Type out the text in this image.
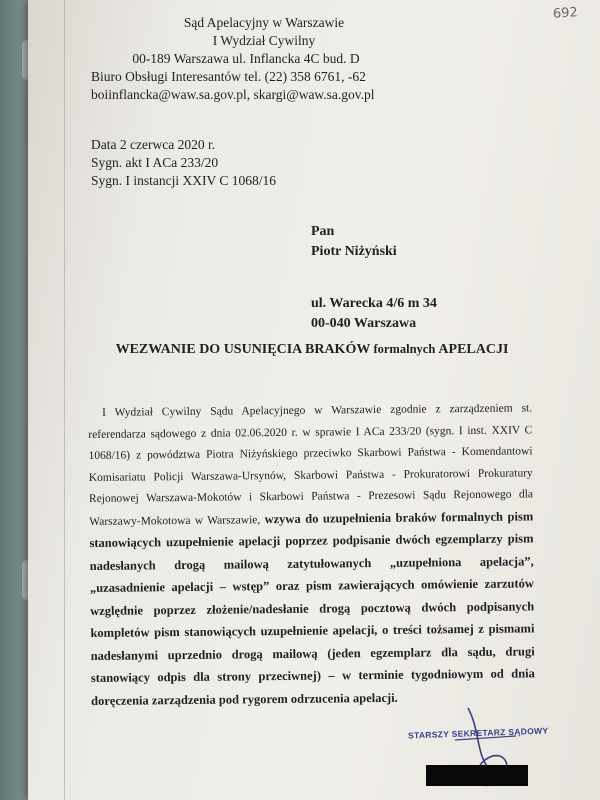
692
Sąd Apelacyjny w Warszawie
I Wydział Cywilny
00-189 Warszawa ul. Inflancka 4C bud. D
Biuro Obsługi Interesantów tel. (22) 358 6761, -62
boiinflancka@waw.sa.gov.pl, skargi@waw.sa.gov.pl
Data 2 czerwca 2020 r.
Sygn. akt I ACa 233/20
Sygn. I instancji XXIV C 1068/16
Pan
Piotr Niżyński
ul. Warecka 4/6 m 34
00-040 Warszawa
WEZWANIE DO USUNIĘCIA BRAKÓW formalnych APELACJI
I Wydział Cywilny Sądu Apelacyjnego w Warszawie zgodnie z zarządzeniem st. referendarza sądowego z dnia 02.06.2020 r. w sprawie I ACa 233/20 (sygn. I inst. XXIV C 1068/16) z powództwa Piotra Niżyńskiego przeciwko Skarbowi Państwa - Komendantowi Komisariatu Policji Warszawa-Ursynów, Skarbowi Państwa - Prokuratorowi Prokuratury Rejonowej Warszawa-Mokotów i Skarbowi Państwa - Prezesowi Sądu Rejonowego dla Warszawy-Mokotowa w Warszawie, wzywa do uzupełnienia braków formalnych pism stanowiących uzupełnienie apelacji poprzez podpisanie dwóch egzemplarzy pism nadesłanych drogą mailową zatytułowanych „uzupełniona apelacja”, „uzasadnienie apelacji – wstęp” oraz pism zawierających omówienie zarzutów względnie poprzez złożenie/nadesłanie drogą pocztową dwóch podpisanych kompletów pism stanowiących uzupełnienie apelacji, o treści tożsamej z pismami nadesłanymi uprzednio drogą mailową (jeden egzemplarz dla sądu, drugi stanowiący odpis dla strony przeciwnej) – w terminie tygodniowym od dnia doręczenia zarządzenia pod rygorem odrzucenia apelacji.
STARSZY SEKRETARZ SĄDOWY
